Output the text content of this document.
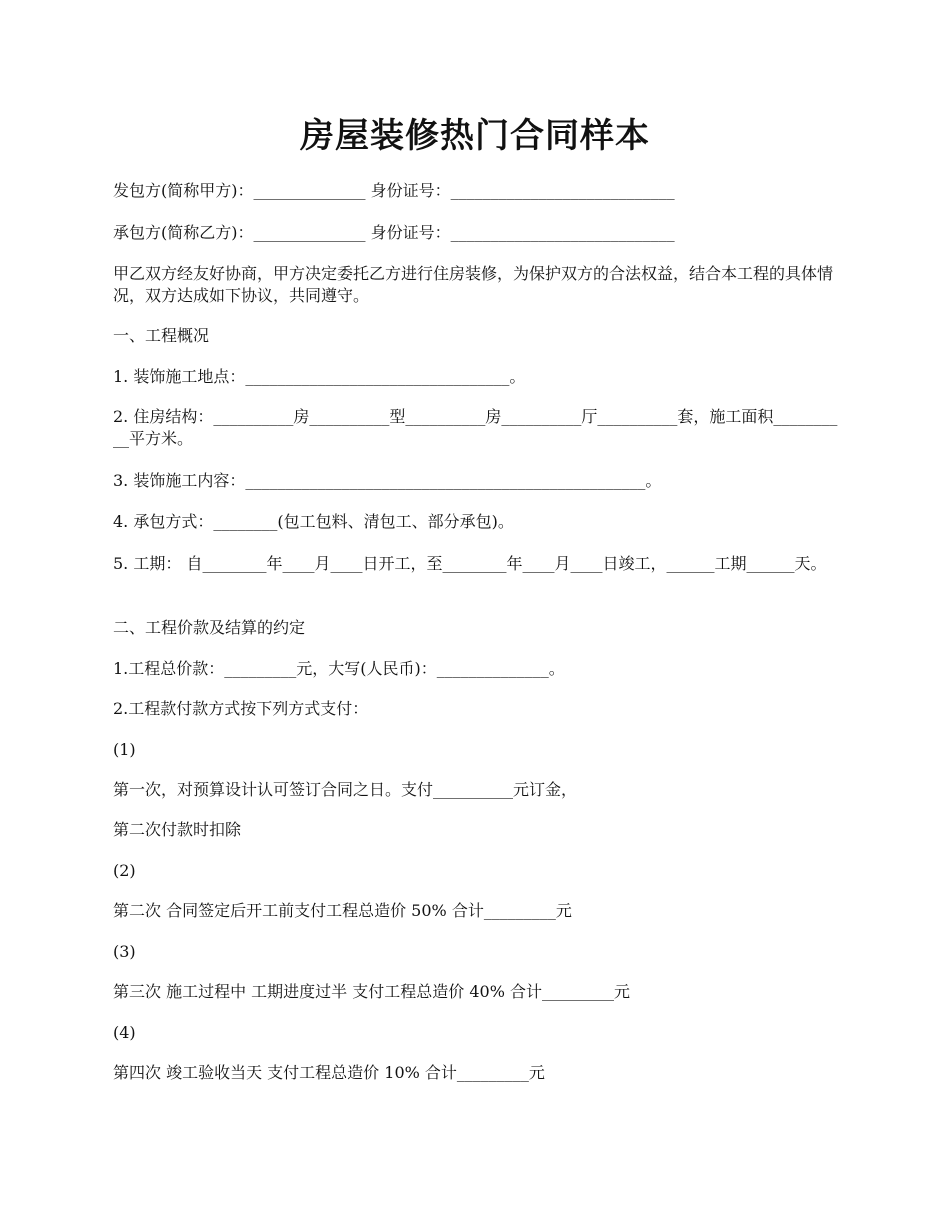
房屋装修热门合同样本

发包方(简称甲方)：______________ 身份证号：____________________________

承包方(简称乙方)：______________ 身份证号：____________________________

甲乙双方经友好协商，甲方决定委托乙方进行住房装修，为保护双方的合法权益，结合本工程的具体情况，双方达成如下协议，共同遵守。

一、工程概况

1. 装饰施工地点：_________________________________。

2. 住房结构：__________房__________型__________房__________厅__________套，施工面积__________平方米。

3. 装饰施工内容：__________________________________________________。

4. 承包方式：________(包工包料、清包工、部分承包)。

5. 工期： 自________年____月____日开工，至________年____月____日竣工，______工期______天。

二、工程价款及结算的约定

1.工程总价款：_________元，大写(人民币)：______________。

2.工程款付款方式按下列方式支付：

(1)

第一次，对预算设计认可签订合同之日。支付__________元订金，

第二次付款时扣除

(2)

第二次 合同签定后开工前支付工程总造价 50% 合计_________元

(3)

第三次 施工过程中 工期进度过半 支付工程总造价 40% 合计_________元

(4)

第四次 竣工验收当天 支付工程总造价 10% 合计_________元
